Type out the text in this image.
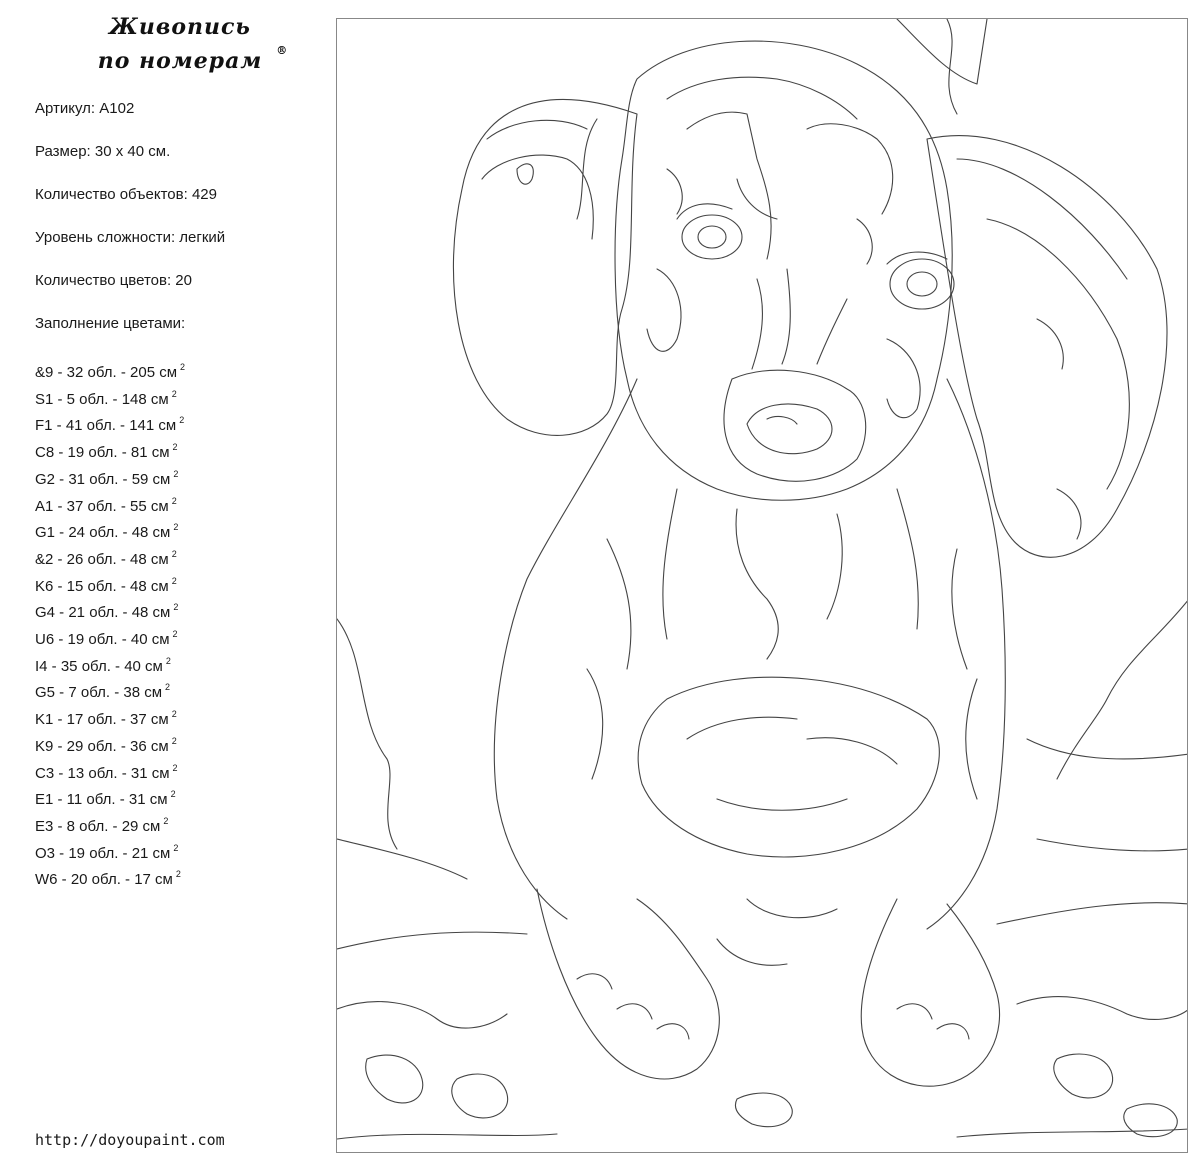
Живопись
по номерам ®
Артикул: А102
Размер: 30 х 40 см.
Количество объектов: 429
Уровень сложности: легкий
Количество цветов: 20
Заполнение цветами:
&9 - 32 обл. - 205 см $^2$
S1 - 5 обл. - 148 см $^2$
F1 - 41 обл. - 141 см $^2$
C8 - 19 обл. - 81 см $^2$
G2 - 31 обл. - 59 см $^2$
A1 - 37 обл. - 55 см $^2$
G1 - 24 обл. - 48 см $^2$
&2 - 26 обл. - 48 см $^2$
K6 - 15 обл. - 48 см $^2$
G4 - 21 обл. - 48 см $^2$
U6 - 19 обл. - 40 см $^2$
I4 - 35 обл. - 40 см $^2$
G5 - 7 обл. - 38 см $^2$
K1 - 17 обл. - 37 см $^2$
K9 - 29 обл. - 36 см $^2$
C3 - 13 обл. - 31 см $^2$
E1 - 11 обл. - 31 см $^2$
E3 - 8 обл. - 29 см $^2$
O3 - 19 обл. - 21 см $^2$
W6 - 20 обл. - 17 см $^2$
http://doyoupaint.com
